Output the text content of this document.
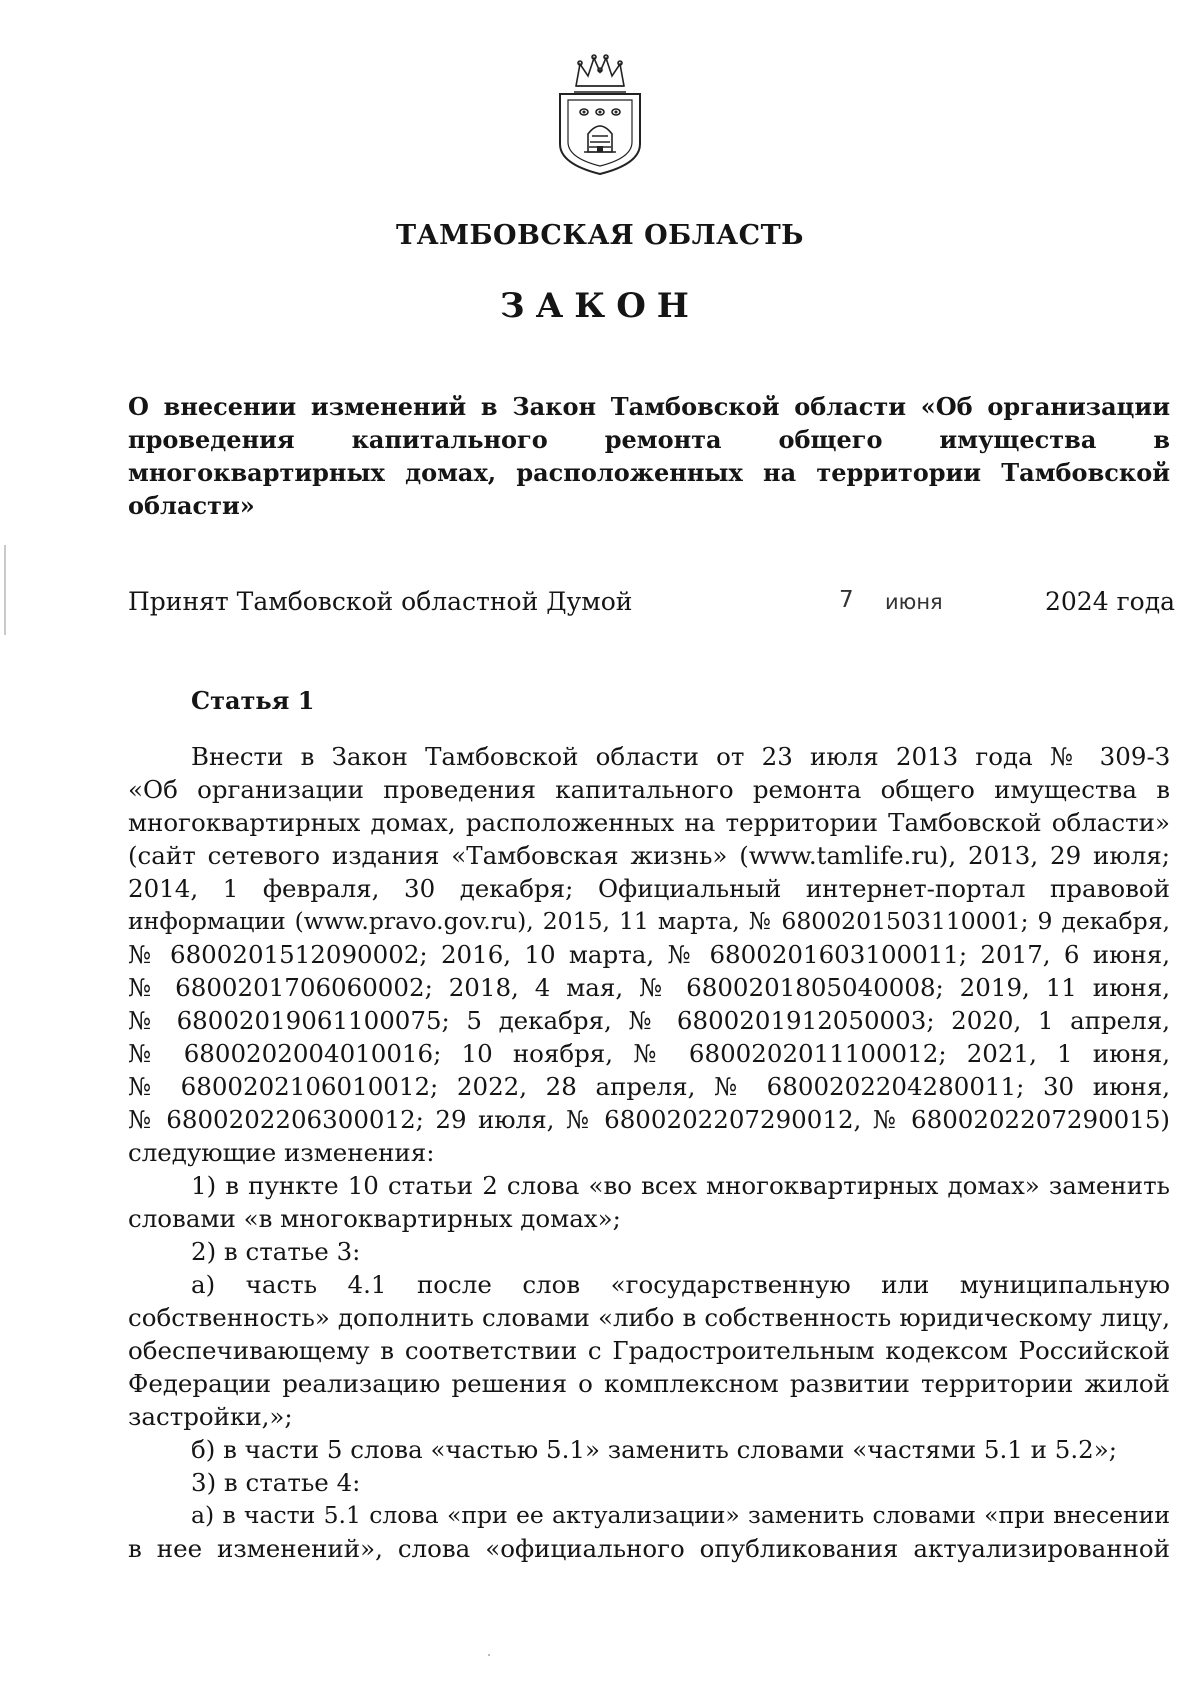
ТАМБОВСКАЯ ОБЛАСТЬ
ЗАКОН
О внесении изменений в Закон Тамбовской области «Об организации
проведения капитального ремонта общего имущества в
многоквартирных домах, расположенных на территории Тамбовской
области»
Принят Тамбовской областной Думой	7 июня	2024 года
Статья 1
Внести в Закон Тамбовской области от 23 июля 2013 года № 309-З
«Об организации проведения капитального ремонта общего имущества в
многоквартирных домах, расположенных на территории Тамбовской области»
(сайт сетевого издания «Тамбовская жизнь» (www.tamlife.ru), 2013, 29 июля;
2014, 1 февраля, 30 декабря; Официальный интернет-портал правовой
информации (www.pravo.gov.ru), 2015, 11 марта, № 6800201503110001; 9 декабря,
№ 6800201512090002; 2016, 10 марта, № 6800201603100011; 2017, 6 июня,
№ 6800201706060002; 2018, 4 мая, № 6800201805040008; 2019, 11 июня,
№ 68002019061100075; 5 декабря, № 6800201912050003; 2020, 1 апреля,
№ 6800202004010016; 10 ноября, № 6800202011100012; 2021, 1 июня,
№ 6800202106010012; 2022, 28 апреля, № 6800202204280011; 30 июня,
№ 6800202206300012; 29 июля, № 6800202207290012, № 6800202207290015)
следующие изменения:
1) в пункте 10 статьи 2 слова «во всех многоквартирных домах» заменить
словами «в многоквартирных домах»;
2) в статье 3:
а) часть 4.1 после слов «государственную или муниципальную
собственность» дополнить словами «либо в собственность юридическому лицу,
обеспечивающему в соответствии с Градостроительным кодексом Российской
Федерации реализацию решения о комплексном развитии территории жилой
застройки,»;
б) в части 5 слова «частью 5.1» заменить словами «частями 5.1 и 5.2»;
3) в статье 4:
а) в части 5.1 слова «при ее актуализации» заменить словами «при внесении
в нее изменений», слова «официального опубликования актуализированной
